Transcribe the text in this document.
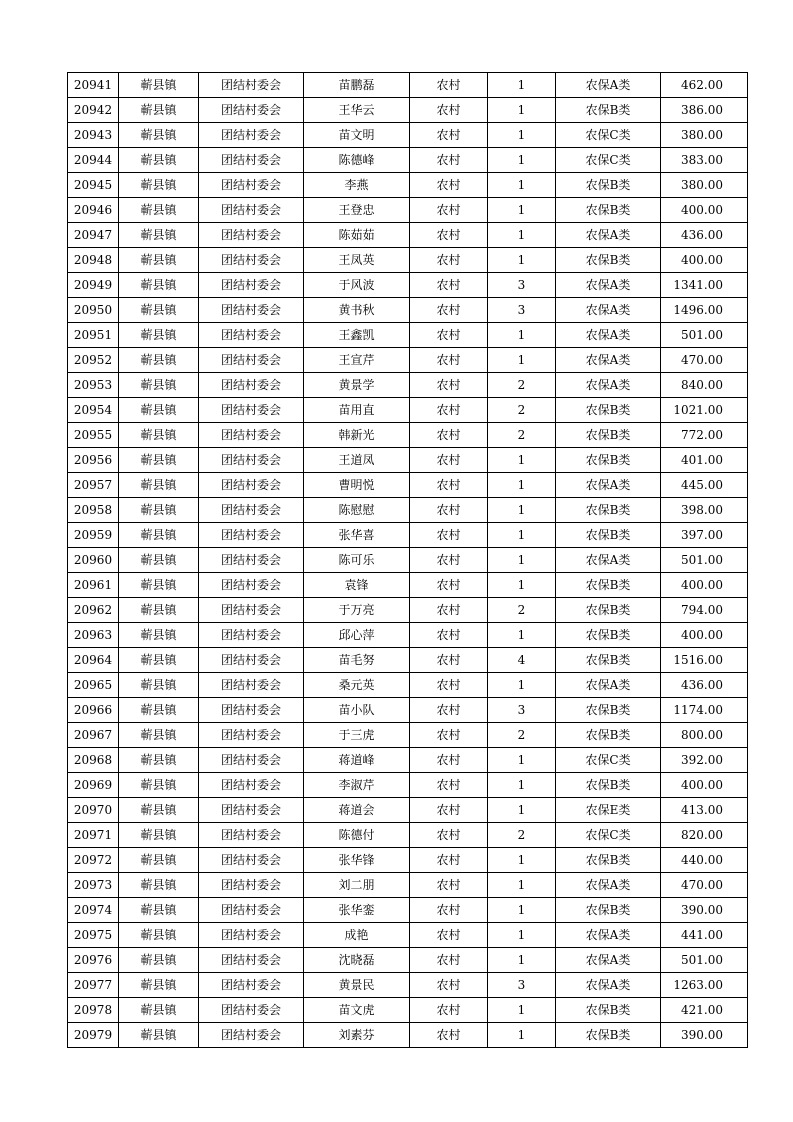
20941	蕲县镇	团结村委会	苗鹏磊	农村	1	农保A类	462.00
20942	蕲县镇	团结村委会	王华云	农村	1	农保B类	386.00
20943	蕲县镇	团结村委会	苗文明	农村	1	农保C类	380.00
20944	蕲县镇	团结村委会	陈德峰	农村	1	农保C类	383.00
20945	蕲县镇	团结村委会	李燕	农村	1	农保B类	380.00
20946	蕲县镇	团结村委会	王登忠	农村	1	农保B类	400.00
20947	蕲县镇	团结村委会	陈茹茹	农村	1	农保A类	436.00
20948	蕲县镇	团结村委会	王凤英	农村	1	农保B类	400.00
20949	蕲县镇	团结村委会	于风波	农村	3	农保A类	1341.00
20950	蕲县镇	团结村委会	黄书秋	农村	3	农保A类	1496.00
20951	蕲县镇	团结村委会	王鑫凯	农村	1	农保A类	501.00
20952	蕲县镇	团结村委会	王宣芹	农村	1	农保A类	470.00
20953	蕲县镇	团结村委会	黄景学	农村	2	农保A类	840.00
20954	蕲县镇	团结村委会	苗用直	农村	2	农保B类	1021.00
20955	蕲县镇	团结村委会	韩新光	农村	2	农保B类	772.00
20956	蕲县镇	团结村委会	王道凤	农村	1	农保B类	401.00
20957	蕲县镇	团结村委会	曹明悦	农村	1	农保A类	445.00
20958	蕲县镇	团结村委会	陈慰慰	农村	1	农保B类	398.00
20959	蕲县镇	团结村委会	张华喜	农村	1	农保B类	397.00
20960	蕲县镇	团结村委会	陈可乐	农村	1	农保A类	501.00
20961	蕲县镇	团结村委会	袁锋	农村	1	农保B类	400.00
20962	蕲县镇	团结村委会	于万亮	农村	2	农保B类	794.00
20963	蕲县镇	团结村委会	邱心萍	农村	1	农保B类	400.00
20964	蕲县镇	团结村委会	苗毛努	农村	4	农保B类	1516.00
20965	蕲县镇	团结村委会	桑元英	农村	1	农保A类	436.00
20966	蕲县镇	团结村委会	苗小队	农村	3	农保B类	1174.00
20967	蕲县镇	团结村委会	于三虎	农村	2	农保B类	800.00
20968	蕲县镇	团结村委会	蒋道峰	农村	1	农保C类	392.00
20969	蕲县镇	团结村委会	李淑芹	农村	1	农保B类	400.00
20970	蕲县镇	团结村委会	蒋道会	农村	1	农保E类	413.00
20971	蕲县镇	团结村委会	陈德付	农村	2	农保C类	820.00
20972	蕲县镇	团结村委会	张华锋	农村	1	农保B类	440.00
20973	蕲县镇	团结村委会	刘二朋	农村	1	农保A类	470.00
20974	蕲县镇	团结村委会	张华銮	农村	1	农保B类	390.00
20975	蕲县镇	团结村委会	成艳	农村	1	农保A类	441.00
20976	蕲县镇	团结村委会	沈晓磊	农村	1	农保A类	501.00
20977	蕲县镇	团结村委会	黄景民	农村	3	农保A类	1263.00
20978	蕲县镇	团结村委会	苗文虎	农村	1	农保B类	421.00
20979	蕲县镇	团结村委会	刘素芬	农村	1	农保B类	390.00
